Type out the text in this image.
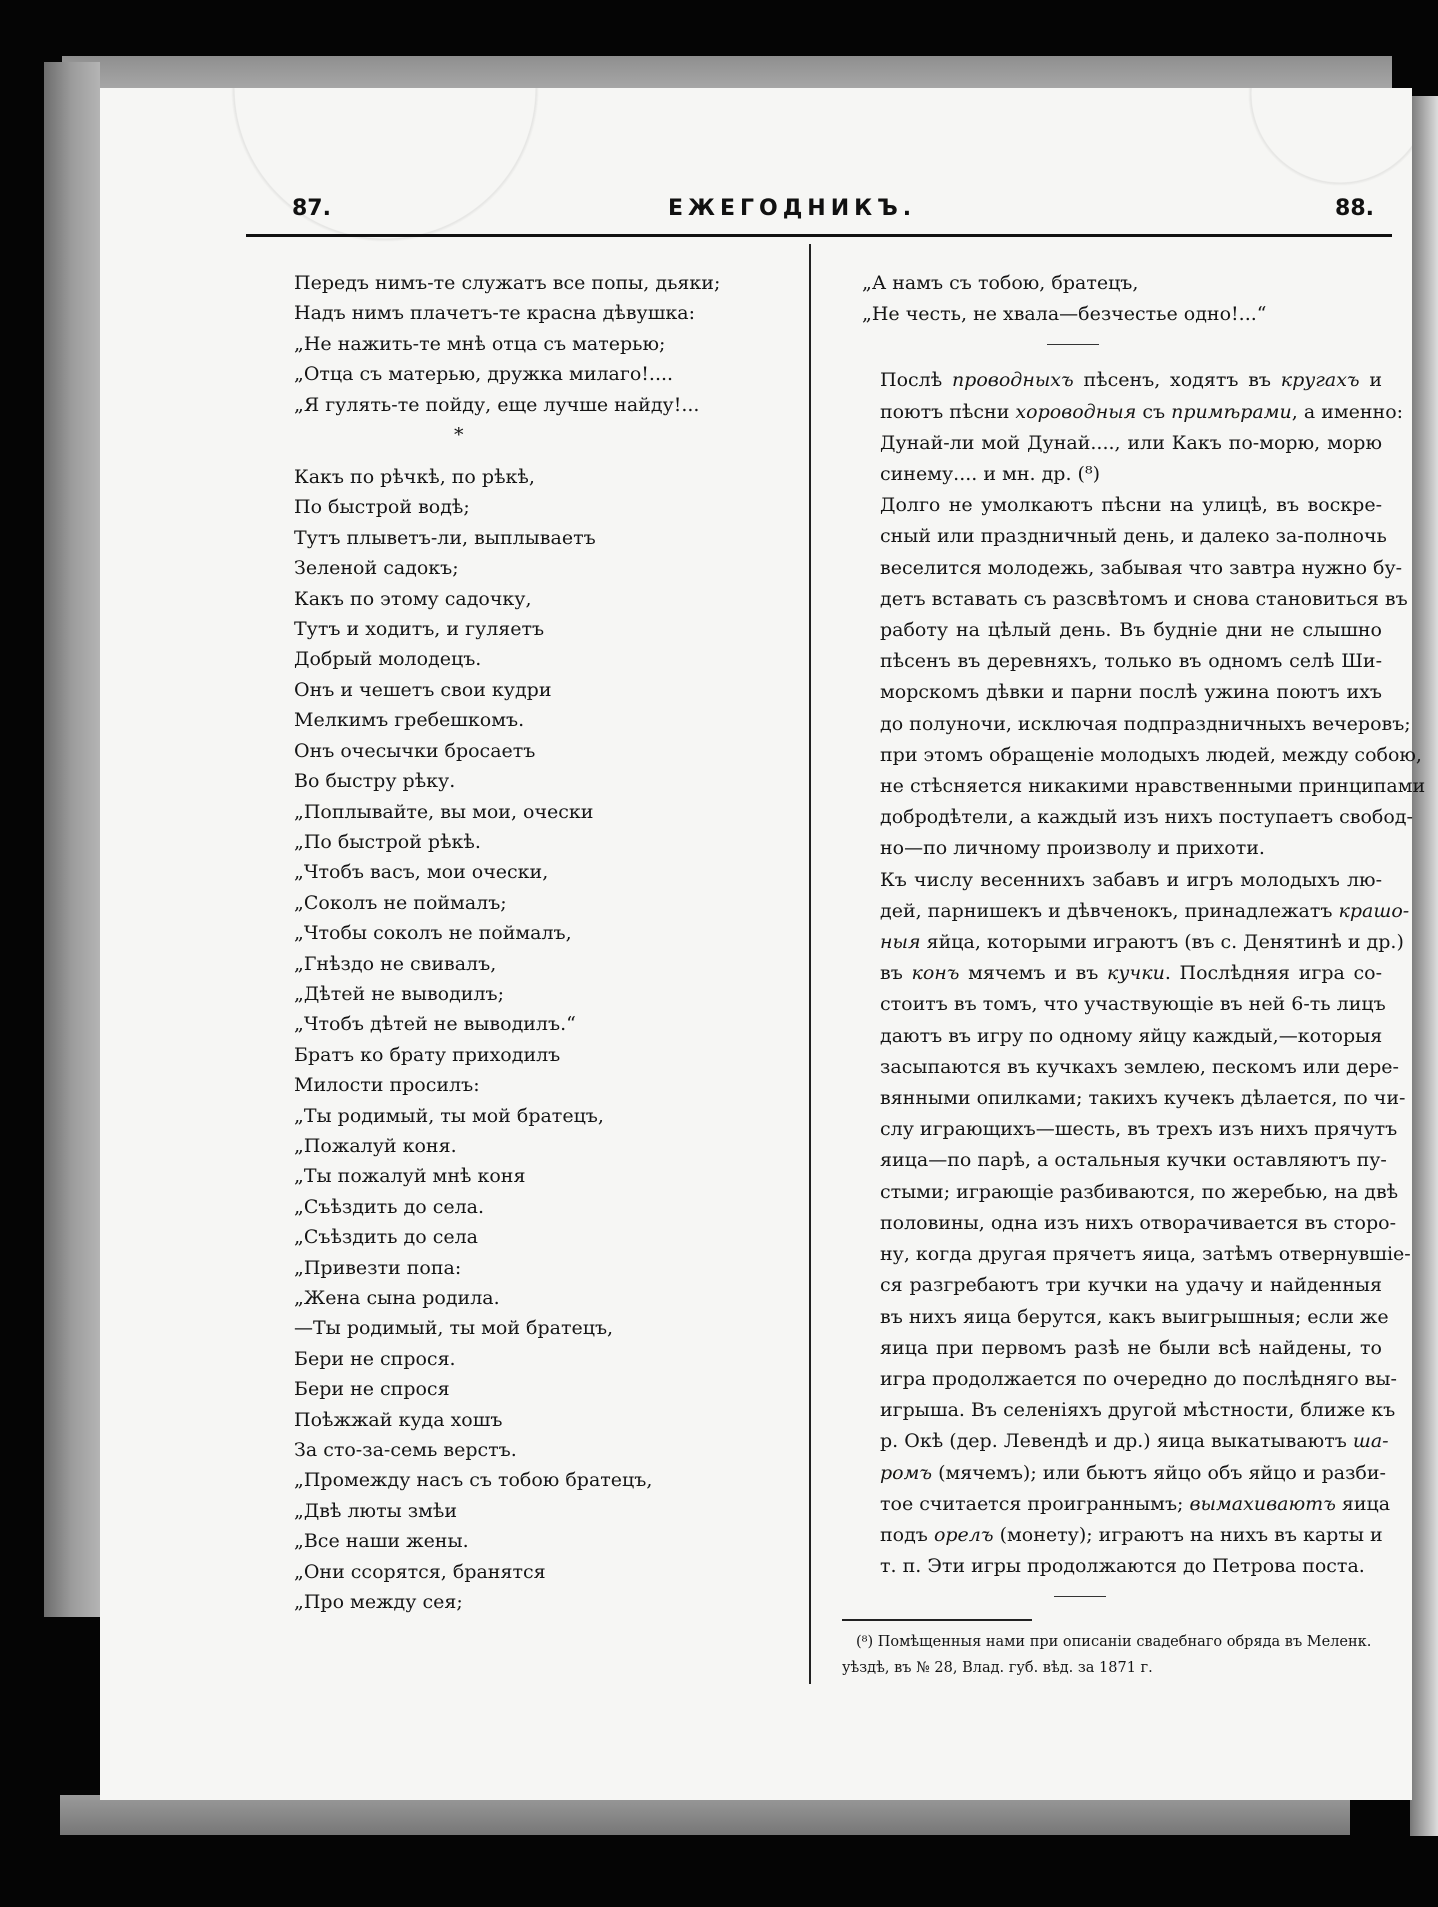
87.	ЕЖЕГОДНИКЪ.	88.
Передъ нимъ-те служатъ все попы, дьяки;
Надъ нимъ плачетъ-те красна дѣвушка:
„Не нажить-те мнѣ отца съ матерью;
„Отца съ матерью, дружка милаго!....
„Я гулять-те пойду, еще лучше найду!...
*
Какъ по рѣчкѣ, по рѣкѣ,
По быстрой водѣ;
Тутъ плыветъ-ли, выплываетъ
Зеленой садокъ;
Какъ по этому садочку,
Тутъ и ходитъ, и гуляетъ
Добрый молодецъ.
Онъ и чешетъ свои кудри
Мелкимъ гребешкомъ.
Онъ очесычки бросаетъ
Во быстру рѣку.
„Поплывайте, вы мои, очески
„По быстрой рѣкѣ.
„Чтобъ васъ, мои очески,
„Соколъ не поймалъ;
„Чтобы соколъ не поймалъ,
„Гнѣздо не свивалъ,
„Дѣтей не выводилъ;
„Чтобъ дѣтей не выводилъ.“
Братъ ко брату приходилъ
Милости просилъ:
„Ты родимый, ты мой братецъ,
„Пожалуй коня.
„Ты пожалуй мнѣ коня
„Съѣздить до села.
„Съѣздить до села
„Привезти попа:
„Жена сына родила.
—Ты родимый, ты мой братецъ,
Бери не спрося.
Бери не спрося
Поѣжжай куда хошъ
За сто-за-семь верстъ.
„Промежду насъ съ тобою братецъ,
„Двѣ люты змѣи
„Все наши жены.
„Они ссорятся, бранятся
„Про между сея;
„А намъ съ тобою, братецъ,
„Не честь, не хвала—безчестье одно!...“
Послѣ проводныхъ пѣсенъ, ходятъ въ кругахъ и
поютъ пѣсни хороводныя съ примѣрами, а именно:
Дунай-ли мой Дунай...., или Какъ по-морю, морю
синему.... и мн. др. (⁸)
Долго не умолкаютъ пѣсни на улицѣ, въ воскре-
сный или праздничный день, и далеко за-полночь
веселится молодежь, забывая что завтра нужно бу-
детъ вставать съ разсвѣтомъ и снова становиться въ
работу на цѣлый день. Въ будніе дни не слышно
пѣсенъ въ деревняхъ, только въ одномъ селѣ Ши-
морскомъ дѣвки и парни послѣ ужина поютъ ихъ
до полуночи, исключая подпраздничныхъ вечеровъ;
при этомъ обращеніе молодыхъ людей, между собою,
не стѣсняется никакими нравственными принципами
добродѣтели, а каждый изъ нихъ поступаетъ свобод-
но—по личному произволу и прихоти.
Къ числу весеннихъ забавъ и игръ молодыхъ лю-
дей, парнишекъ и дѣвченокъ, принадлежатъ крашо-
ныя яйца, которыми играютъ (въ с. Денятинѣ и др.)
въ конъ мячемъ и въ кучки. Послѣдняя игра со-
стоитъ въ томъ, что участвующіе въ ней 6-ть лицъ
даютъ въ игру по одному яйцу каждый,—которыя
засыпаются въ кучкахъ землею, пескомъ или дере-
вянными опилками; такихъ кучекъ дѣлается, по чи-
слу играющихъ—шесть, въ трехъ изъ нихъ прячутъ
яица—по парѣ, а остальныя кучки оставляютъ пу-
стыми; играющіе разбиваются, по жеребью, на двѣ
половины, одна изъ нихъ отворачивается въ сторо-
ну, когда другая прячетъ яица, затѣмъ отвернувшіе-
ся разгребаютъ три кучки на удачу и найденныя
въ нихъ яица берутся, какъ выигрышныя; если же
яица при первомъ разѣ не были всѣ найдены, то
игра продолжается по очередно до послѣдняго вы-
игрыша. Въ селеніяхъ другой мѣстности, ближе къ
р. Окѣ (дер. Левендѣ и др.) яица выкатываютъ ша-
ромъ (мячемъ); или бьютъ яйцо объ яйцо и разби-
тое считается проиграннымъ; вымахиваютъ яица
подъ орелъ (монету); играютъ на нихъ въ карты и
т. п. Эти игры продолжаются до Петрова поста.
(⁸) Помѣщенныя нами при описаніи свадебнаго обряда въ Меленк.
уѣздѣ, въ № 28, Влад. губ. вѣд. за 1871 г.
